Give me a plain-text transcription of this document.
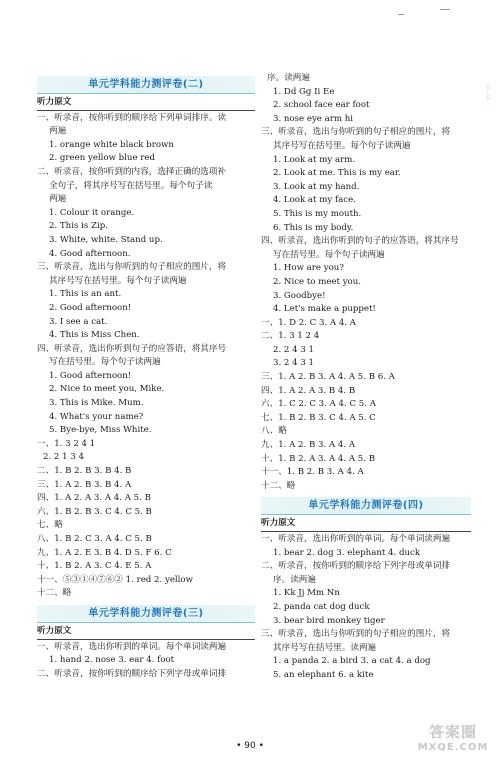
单元学科能力测评卷(二)
听力原文
一、听录音，按你听到的顺序给下列单词排序。读
两遍
1. orange white black brown
2. green yellow blue red
二、听录音，按你听到的内容，选择正确的选项补
全句子，将其序号写在括号里。每个句子读
两遍
1. Colour it orange.
2. This is Zip.
3. White, white. Stand up.
4. Good afternoon.
三、听录音，选出与你听到的句子相应的图片，将
其序号写在括号里。每个句子读两遍
1. This is an ant.
2. Good afternoon!
3. I see a cat.
4. This is Miss Chen.
四、听录音，选出你听到句子的应答语，将其序号
写在括号里。每个句子读两遍
1. Good afternoon!
2. Nice to meet you, Mike.
3. This is Mike. Mum.
4. What's your name?
5. Bye-bye, Miss White.
一、1. 3 2 4 1
2. 2 1 3 4
二、1. B 2. B 3. B 4. B
三、1. A 2. B 3. B 4. A
四、1. A 2. A 3. A 4. A 5. B
六、1. B 2. B 3. C 4. C 5. B
七、略
八、1. B 2. C 3. A 4. C 5. B
九、1. A 2. E 3. B 4. D 5. F 6. C
十、1. B 2. A 3. C 4. E 5. A
十一、⑤③①④⑦⑥② 1. red 2. yellow
十二、略
单元学科能力测评卷(三)
听力原文
一、听录音，选出你听到的单词。每个单词读两遍
1. hand 2. nose 3. ear 4. foot
二、听录音，按你听到的顺序给下列字母或单词排
序。读两遍
1. Dd Gg Ii Ee
2. school face ear foot
3. nose eye arm hi
三、听录音，选出与你听到的句子相应的图片，将
其序号写在括号里。每个句子读两遍
1. Look at my arm.
2. Look at me. This is my ear.
3. Look at my hand.
4. Look at my face.
5. This is my mouth.
6. This is my body.
四、听录音，选出你听到的句子的应答语，将其序号
写在括号里。每个句子读两遍
1. How are you?
2. Nice to meet you.
3. Goodbye!
4. Let's make a puppet!
一、1. D 2. C 3. A 4. A
二、1. 3 1 2 4
2. 2 4 3 1
3. 2 4 3 1
三、1. A 2. B 3. A 4. A 5. B 6. A
四、1. A 2. A 3. B 4. B
六、1. C 2. C 3. A 4. C 5. A
七、1. B 2. B 3. C 4. A 5. C
八、略
九、1. A 2. B 3. A 4. A
十、1. B 2. A 3. A 4. A 5. B
十一、1. B 2. B 3. A 4. A
十二、略
单元学科能力测评卷(四)
听力原文
一、听录音，选出你听到的单词。每个单词读两遍
1. bear 2. dog 3. elephant 4. duck
二、听录音，按你听到的顺序给下列字母或单词排
序。读两遍
1. Kk Jj Mm Nn
2. panda cat dog duck
3. bear bird monkey tiger
三、听录音，选出与你听到的句子相应的图片，将
其序号写在括号里。读两遍
1. a panda 2. a bird 3. a cat 4. a dog
5. an elephant 6. a kite
卡 卡
• 90 •
答案圈
MXQE.COM
